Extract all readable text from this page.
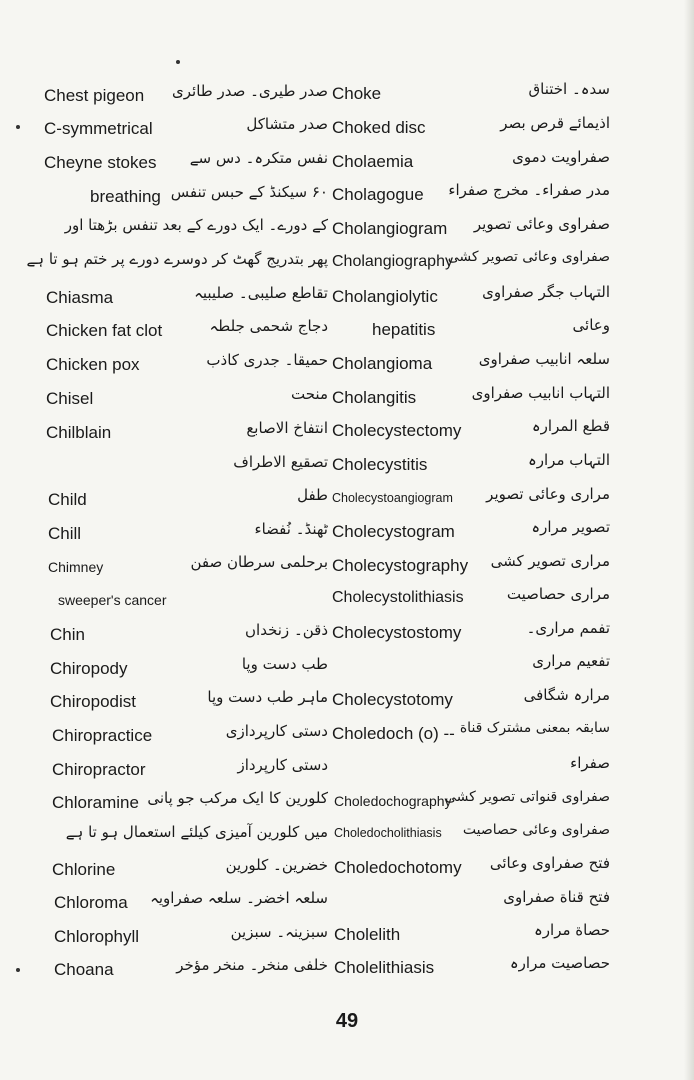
Chest pigeon صدر طیری۔ صدر طائری
C-symmetrical	صدر متشاکل
Cheyne stokes	نفس متکرہ۔ دس سے
breathing ۶۰ سیکنڈ کے حبس تنفس
کے دورے۔ ایک دورے کے بعد تنفس بڑھتا اور
پھر بتدریج گھٹ کر دوسرے دورے پر ختم ہو تا ہے
Chiasma	تقاطع صلیبی۔ صلیبیہ
Chicken fat clot	دجاج شحمی جلطہ
Chicken pox	حمیقا۔ جدری کاذب
Chisel	منحت
Chilblain	انتفاخ الاصابع
تصقیع الاطراف
Child	طفل
Chill	ٹھنڈ۔ نُفضاء
Chimney	برحلمی سرطان صفن
sweeper's cancer
Chin	ذقن۔ زنخداں
Chiropody	طب دست وپا
Chiropodist	ماہر طب دست وپا
Chiropractice	دستی کارپردازی
Chiropractor	دستی کارپرداز
Chloramine کلورین کا ایک مرکب جو پانی
میں کلورین آمیزی کیلئے استعمال ہو تا ہے
Chlorine	خضرین۔ کلورین
Chloroma سلعہ اخضر۔ سلعہ صفراویہ
Chlorophyll	سبزینہ۔ سبزین
Choana	خلفی منخر۔ منخر مؤخر
Choke	سدہ۔ اختناق
Choked disc	اذیمائے قرص بصر
Cholaemia	صفراویت دموی
Cholagogue مدر صفراء۔ مخرج صفراء
Cholangiogram	صفراوی وعائی تصویر
Cholangiography
صفراوی وعائی تصویر کشی
Cholangiolytic	التہاب جگر صفراوی
hepatitis	وعائی
Cholangioma	سلعہ انابیب صفراوی
Cholangitis	التہاب انابیب صفراوی
Cholecystectomy	قطع المرارہ
Cholecystitis	التہاب مرارہ
Cholecystoangiogram	مراری وعائی تصویر
Cholecystogram	تصویر مرارہ
Cholecystography	مراری تصویر کشی
Cholecystolithiasis	مراری حصاصیت
Cholecystostomy	تفمم مراری۔
تفعیم مراری
Cholecystotomy	مرارہ شگافی
Choledoch (o) -- سابقہ بمعنی مشترک قناة
صفراء
Choledochography
صفراوی قنواتی تصویر کشی
Choledocholithiasis صفراوی وعائی حصاصیت
Choledochotomy فتح صفراوی وعائی
فتح قناة صفراوی
Cholelith	حصاة مرارہ
Cholelithiasis	حصاصیت مرارہ
49
